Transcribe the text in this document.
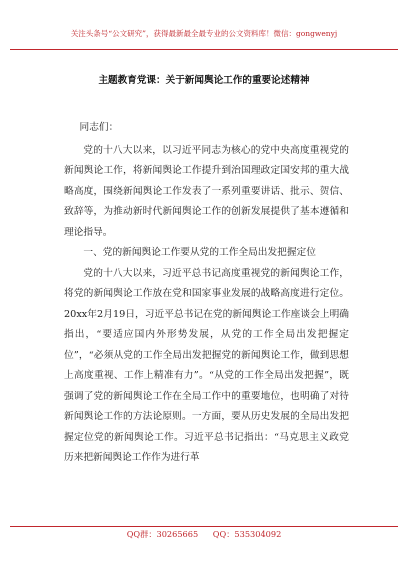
关注头条号“公文研究”，获得最新最全最专业的公文资料库！微信：gongwenyj
主题教育党课：关于新闻舆论工作的重要论述精神

同志们：

党的十八大以来，以习近平同志为核心的党中央高度重视党的新闻舆论工作，将新闻舆论工作提升到治国理政定国安邦的重大战略高度，围绕新闻舆论工作发表了一系列重要讲话、批示、贺信、致辞等，为推动新时代新闻舆论工作的创新发展提供了基本遵循和理论指导。

一、党的新闻舆论工作要从党的工作全局出发把握定位

党的十八大以来，习近平总书记高度重视党的新闻舆论工作，将党的新闻舆论工作放在党和国家事业发展的战略高度进行定位。20xx年2月19日，习近平总书记在党的新闻舆论工作座谈会上明确指出，“要适应国内外形势发展，从党的工作全局出发把握定位”，“必须从党的工作全局出发把握党的新闻舆论工作，做到思想上高度重视、工作上精准有力”。“从党的工作全局出发把握”，既强调了党的新闻舆论工作在全局工作中的重要地位，也明确了对待新闻舆论工作的方法论原则。一方面，要从历史发展的全局出发把握定位党的新闻舆论工作。习近平总书记指出：“马克思主义政党历来把新闻舆论工作作为进行革

QQ群：30265665 QQ：535304092
